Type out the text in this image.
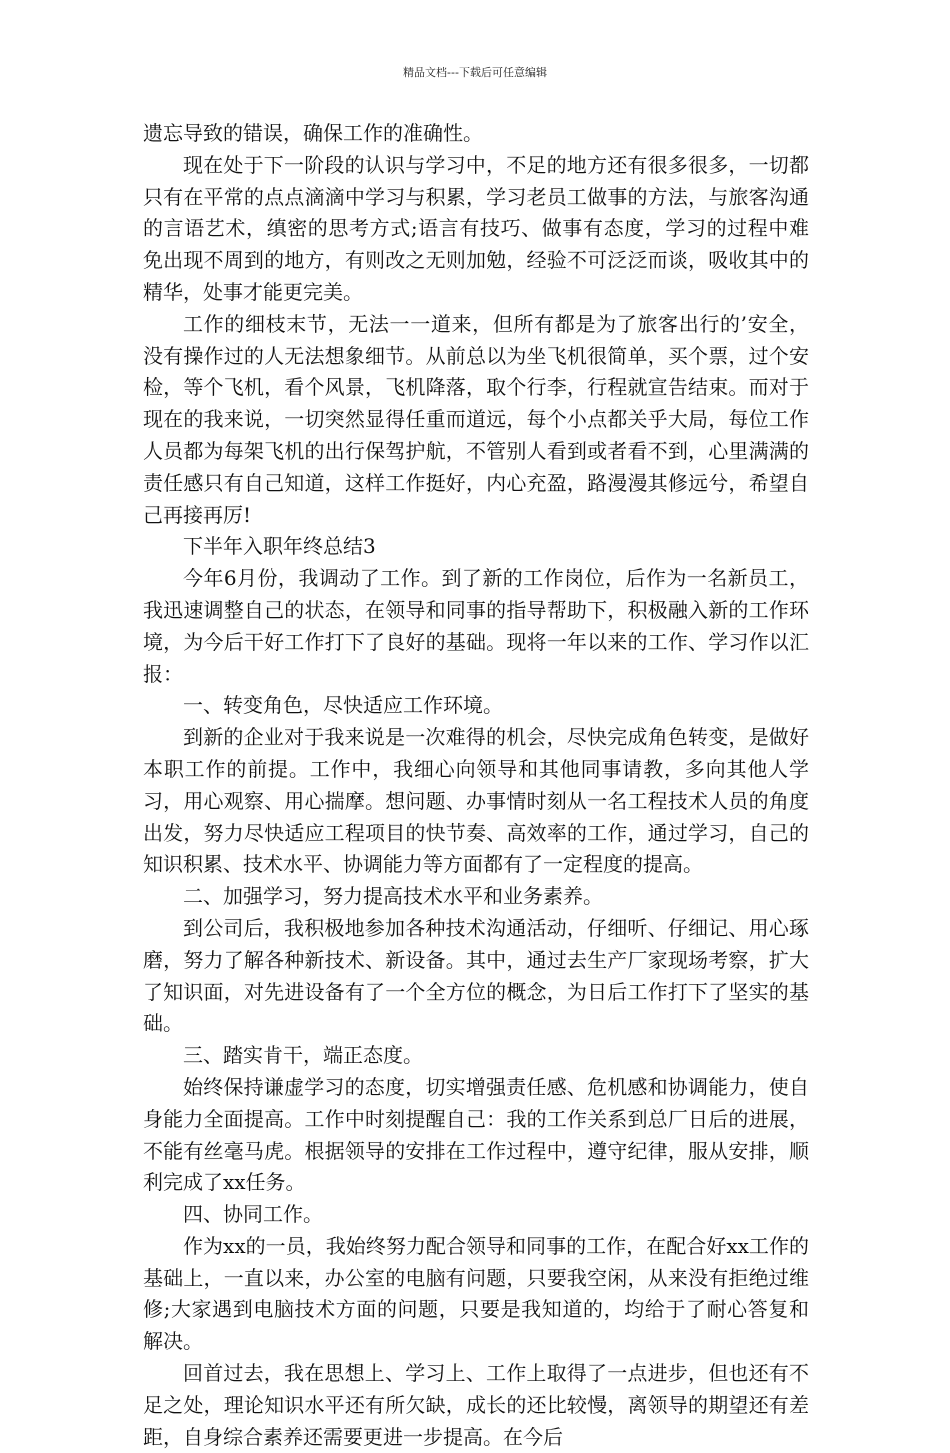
精品文档---下载后可任意编辑

遗忘导致的错误，确保工作的准确性。

现在处于下一阶段的认识与学习中，不足的地方还有很多很多，一切都只有在平常的点点滴滴中学习与积累，学习老员工做事的方法，与旅客沟通的言语艺术，缜密的思考方式;语言有技巧、做事有态度，学习的过程中难免出现不周到的地方，有则改之无则加勉，经验不可泛泛而谈，吸收其中的精华，处事才能更完美。

工作的细枝末节，无法一一道来，但所有都是为了旅客出行的’安全，没有操作过的人无法想象细节。从前总以为坐飞机很简单，买个票，过个安检，等个飞机，看个风景，飞机降落，取个行李，行程就宣告结束。而对于现在的我来说，一切突然显得任重而道远，每个小点都关乎大局，每位工作人员都为每架飞机的出行保驾护航，不管别人看到或者看不到，心里满满的责任感只有自己知道，这样工作挺好，内心充盈，路漫漫其修远兮，希望自己再接再厉!

下半年入职年终总结3

今年6月份，我调动了工作。到了新的工作岗位，后作为一名新员工，我迅速调整自己的状态，在领导和同事的指导帮助下，积极融入新的工作环境，为今后干好工作打下了良好的基础。现将一年以来的工作、学习作以汇报：

一、转变角色，尽快适应工作环境。

到新的企业对于我来说是一次难得的机会，尽快完成角色转变，是做好本职工作的前提。工作中，我细心向领导和其他同事请教，多向其他人学习，用心观察、用心揣摩。想问题、办事情时刻从一名工程技术人员的角度出发，努力尽快适应工程项目的快节奏、高效率的工作，通过学习，自己的知识积累、技术水平、协调能力等方面都有了一定程度的提高。

二、加强学习，努力提高技术水平和业务素养。

到公司后，我积极地参加各种技术沟通活动，仔细听、仔细记、用心琢磨，努力了解各种新技术、新设备。其中，通过去生产厂家现场考察，扩大了知识面，对先进设备有了一个全方位的概念，为日后工作打下了坚实的基础。

三、踏实肯干，端正态度。

始终保持谦虚学习的态度，切实增强责任感、危机感和协调能力，使自身能力全面提高。工作中时刻提醒自己：我的工作关系到总厂日后的进展，不能有丝毫马虎。根据领导的安排在工作过程中，遵守纪律，服从安排，顺利完成了xx任务。

四、协同工作。

作为xx的一员，我始终努力配合领导和同事的工作，在配合好xx工作的基础上，一直以来，办公室的电脑有问题，只要我空闲，从来没有拒绝过维修;大家遇到电脑技术方面的问题，只要是我知道的，均给于了耐心答复和解决。

回首过去，我在思想上、学习上、工作上取得了一点进步，但也还有不足之处，理论知识水平还有所欠缺，成长的还比较慢，离领导的期望还有差距，自身综合素养还需要更进一步提高。在今后
